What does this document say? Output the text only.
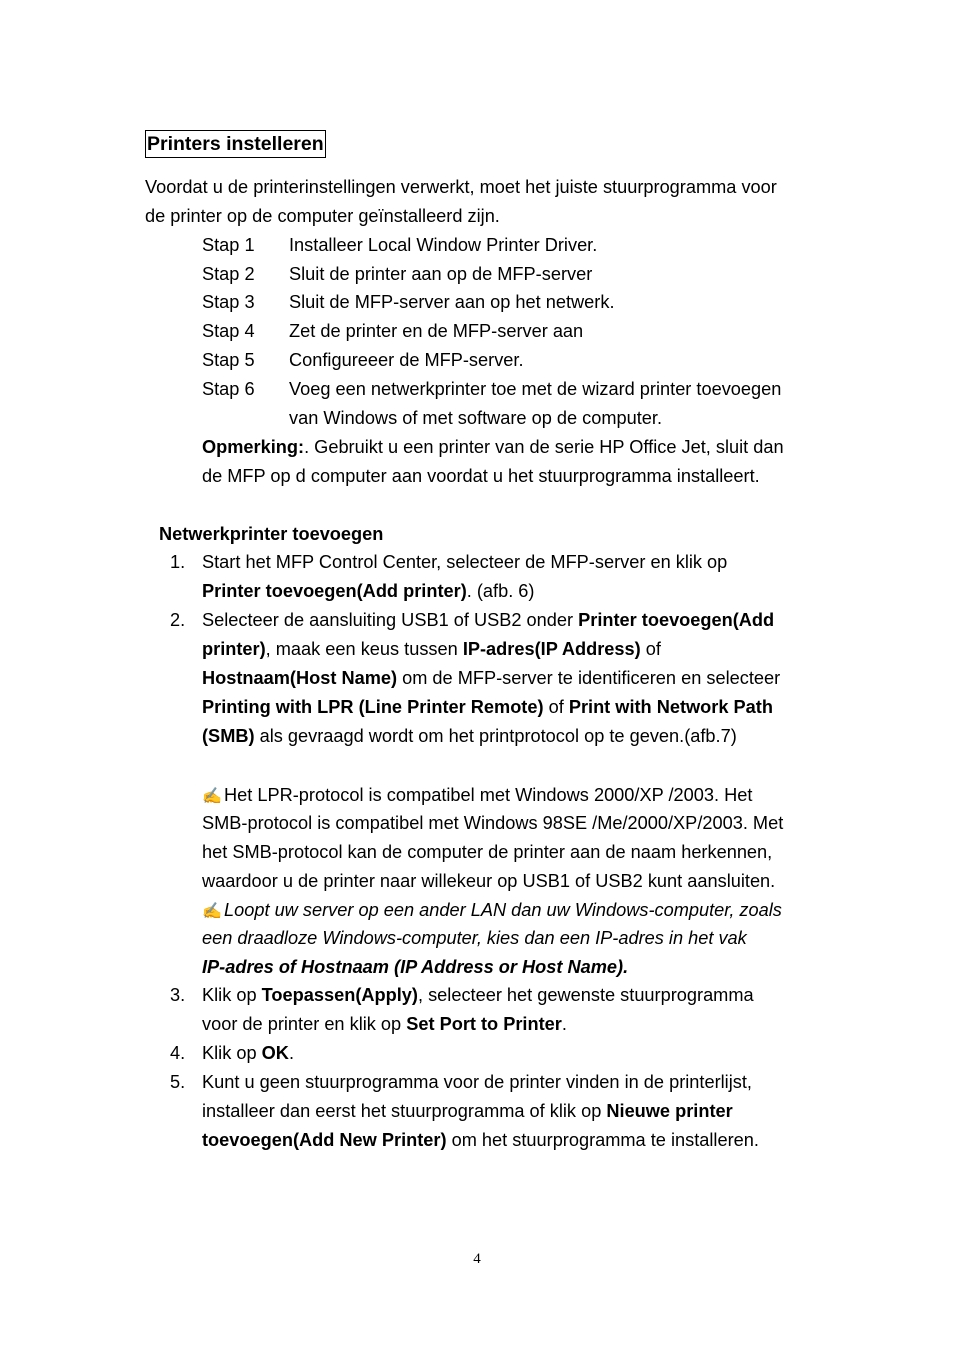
Printers instelleren
Voordat u de printerinstellingen verwerkt, moet het juiste stuurprogramma voor
de printer op de computer geïnstalleerd zijn.
Stap 1 Installeer Local Window Printer Driver.
Stap 2 Sluit de printer aan op de MFP-server
Stap 3 Sluit de MFP-server aan op het netwerk.
Stap 4 Zet de printer en de MFP-server aan
Stap 5 Configureeer de MFP-server.
Stap 6 Voeg een netwerkprinter toe met de wizard printer toevoegen
van Windows of met software op de computer.
Opmerking:. Gebruikt u een printer van de serie HP Office Jet, sluit dan
de MFP op d computer aan voordat u het stuurprogramma installeert.
Netwerkprinter toevoegen
1. Start het MFP Control Center, selecteer de MFP-server en klik op
Printer toevoegen(Add printer). (afb. 6)
2. Selecteer de aansluiting USB1 of USB2 onder Printer toevoegen(Add
printer), maak een keus tussen IP-adres(IP Address) of
Hostnaam(Host Name) om de MFP-server te identificeren en selecteer
Printing with LPR (Line Printer Remote) of Print with Network Path
(SMB) als gevraagd wordt om het printprotocol op te geven.(afb.7)
✍ Het LPR-protocol is compatibel met Windows 2000/XP /2003. Het
SMB-protocol is compatibel met Windows 98SE /Me/2000/XP/2003. Met
het SMB-protocol kan de computer de printer aan de naam herkennen,
waardoor u de printer naar willekeur op USB1 of USB2 kunt aansluiten.
✍ Loopt uw server op een ander LAN dan uw Windows-computer, zoals
een draadloze Windows-computer, kies dan een IP-adres in het vak
IP-adres of Hostnaam (IP Address or Host Name).
3. Klik op Toepassen(Apply), selecteer het gewenste stuurprogramma
voor de printer en klik op Set Port to Printer.
4. Klik op OK.
5. Kunt u geen stuurprogramma voor de printer vinden in de printerlijst,
installeer dan eerst het stuurprogramma of klik op Nieuwe printer
toevoegen(Add New Printer) om het stuurprogramma te installeren.
4
